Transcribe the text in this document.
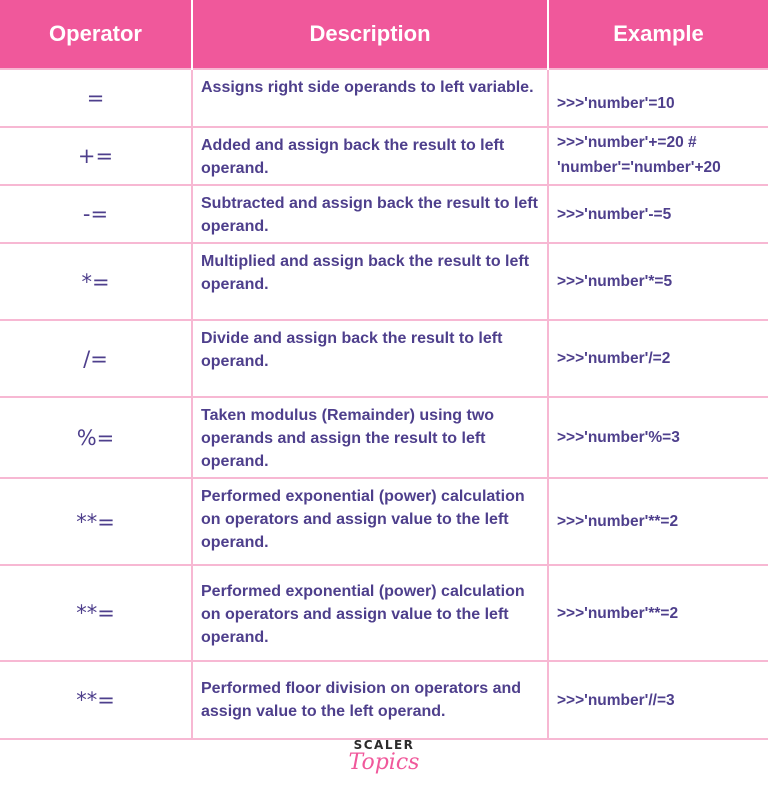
Operator	Description	Example
=	Assigns right side operands to left variable.	>>>'number'=10
+=	Added and assign back the result to left operand.	>>>'number'+=20 #
'number'='number'+20
-=	Subtracted and assign back the result to left operand.	>>>'number'-=5
*=	Multiplied and assign back the result to left operand.	>>>'number'*=5
/=	Divide and assign back the result to left operand.	>>>'number'/=2
%=	Taken modulus (Remainder) using two operands and assign the result to left operand.	>>>'number'%=3
**=	Performed exponential (power) calculation on operators and assign value to the left operand.	>>>'number'**=2
**=	Performed exponential (power) calculation on operators and assign value to the left operand.	>>>'number'**=2
**=	Performed floor division on operators and assign value to the left operand.	>>>'number'//=3
SCALER
Topics
